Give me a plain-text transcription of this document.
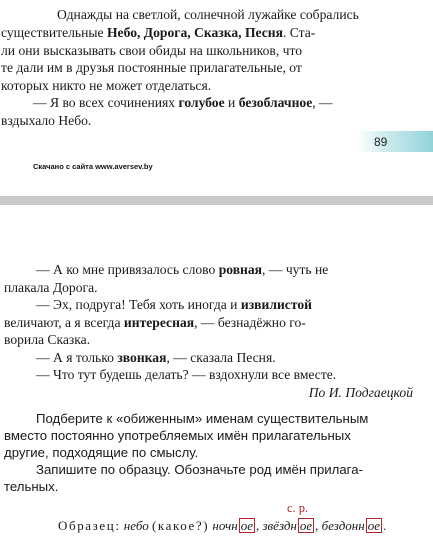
Однажды на светлой, солнечной лужайке собрались

существительные Небо, Дорога, Сказка, Песня. Ста-

ли они высказывать свои обиды на школьников, что

те дали им в друзья постоянные прилагательные, от

которых никто не может отделаться.

— Я во всех сочинениях голубое и безоблачное, —

вздыхало Небо.

89
Скачано с сайта www.aversev.by

— А ко мне привязалось слово ровная, — чуть не

плакала Дорога.

— Эх, подруга! Тебя хоть иногда и извилистой

величают, а я всегда интересная, — безнадёжно го-

ворила Сказка.

— А я только звонкая, — сказала Песня.

— Что тут будешь делать? — вздохнули все вместе.

По И. Подгаецкой

Подберите к «обиженным» именам существительным

вместо постоянно употребляемых имён прилагательных

другие, подходящие по смыслу.

Запишите по образцу. Обозначьте род имён прилага-

тельных.

с. р.

Образец: небо (какое?) ночн ое , звёздн ое , бездонн ое .
